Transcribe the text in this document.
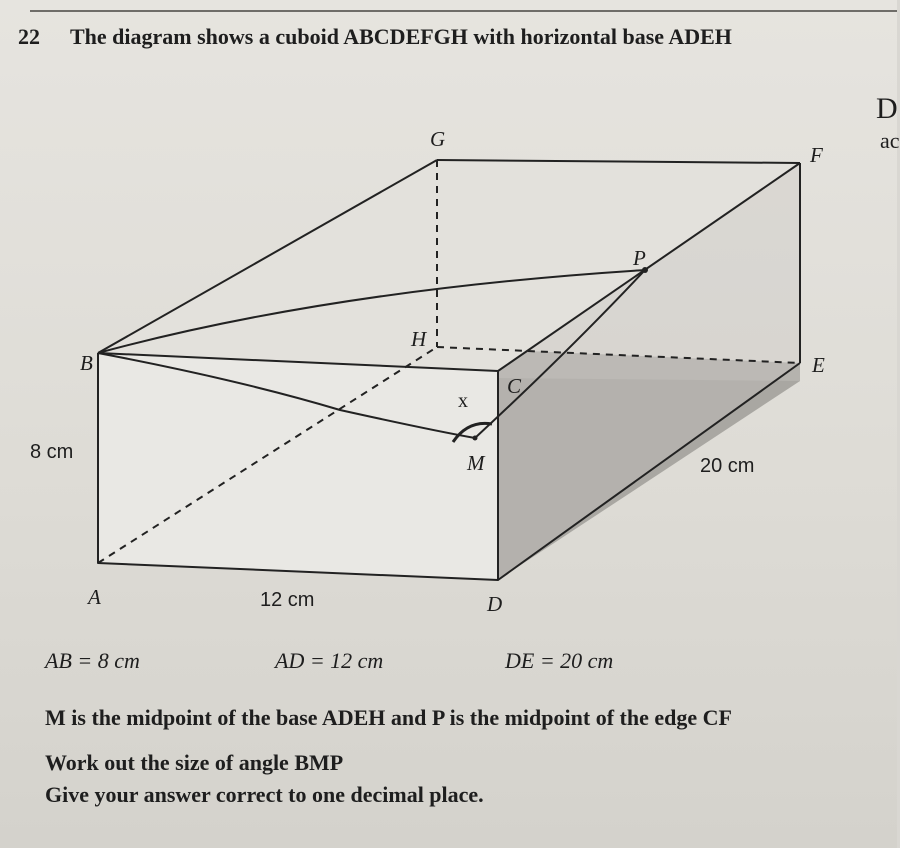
D
ac
22 The diagram shows a cuboid ABCDEFGH with horizontal base ADEH
G
F
P
H
B	E
C
x
M
A	D
8 cm
12 cm
20 cm
AB = 8 cm	AD = 12 cm	DE = 20 cm
M is the midpoint of the base ADEH and P is the midpoint of the edge CF
Work out the size of angle BMP
Give your answer correct to one decimal place.
